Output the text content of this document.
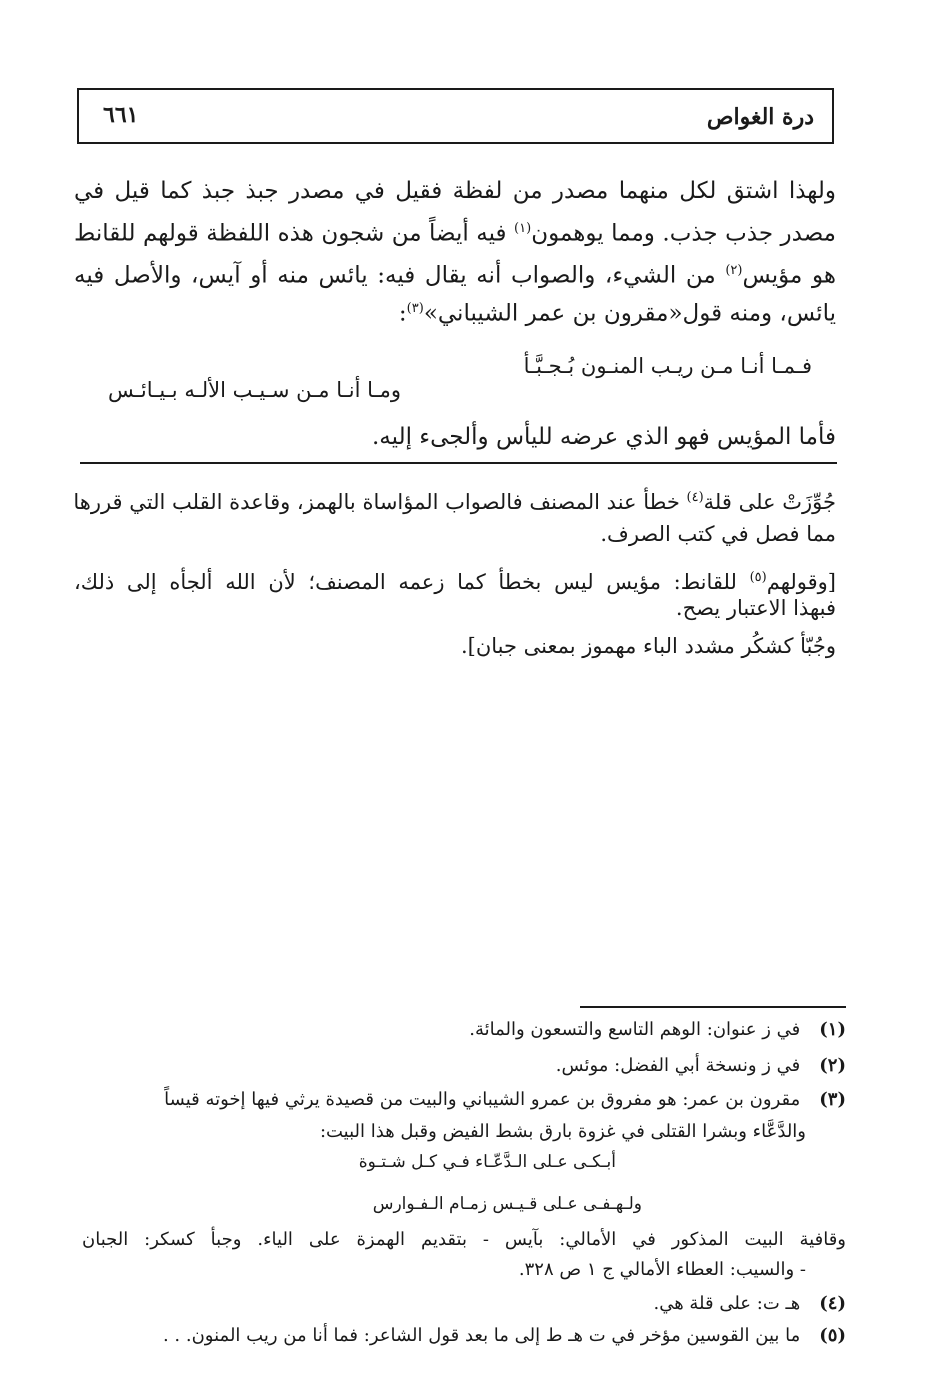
درة الغواص
٦٦١
ولهذا اشتق لكل منهما مصدر من لفظة فقيل في مصدر جبذ جبذ كما قيل في
مصدر جذب جذب. ومما يوهمون$^{(١)}$ فيه أيضاً من شجون هذه اللفظة قولهم للقانط
هو مؤيس$^{(٢)}$ من الشيء، والصواب أنه يقال فيه: يائس منه أو آيس، والأصل فيه
يائس، ومنه قول«مقرون بن عمر الشيباني»$^{(٣)}$:
فـمـا أنـا مـن ريـب المنـون بُـجـبَّـأ
ومـا أنـا مـن سـيـب الألـه بـيـائـس
فأما المؤيس فهو الذي عرضه لليأس وألجىء إليه.
جُوِّزَتْ على قلة$^{(٤)}$ خطأ عند المصنف فالصواب المؤاساة بالهمز، وقاعدة القلب التي قررها
مما فصل في كتب الصرف.
[وقولهم$^{(٥)}$ للقانط: مؤيس ليس بخطأ كما زعمه المصنف؛ لأن الله ألجأه إلى ذلك،
فبهذا الاعتبار يصح.
وجُبّأ كشكُر مشدد الباء مهموز بمعنى جبان].
(١) في ز عنوان: الوهم التاسع والتسعون والمائة.
(٢) في ز ونسخة أبي الفضل: موئس.
(٣) مقرون بن عمر: هو مفروق بن عمرو الشيباني والبيت من قصيدة يرثي فيها إخوته قيساً
والدَّعَّاء وبشرا القتلى في غزوة بارق بشط الفيض وقبل هذا البيت:
أبـكـى عـلى الـدَّعّـاء فـي كـل شـتـوة
ولـهـفـى عـلى قـيـس زمـام الـفـوارس
وقافية البيت المذكور في الأمالي: بآيس - بتقديم الهمزة على الياء. وجبأ كسكر: الجبان
- والسيب: العطاء الأمالي ج ١ ص ٣٢٨.
(٤) هـ ت: على قلة هي.
(٥) ما بين القوسين مؤخر في ت هـ ط إلى ما بعد قول الشاعر: فما أنا من ريب المنون. . .
